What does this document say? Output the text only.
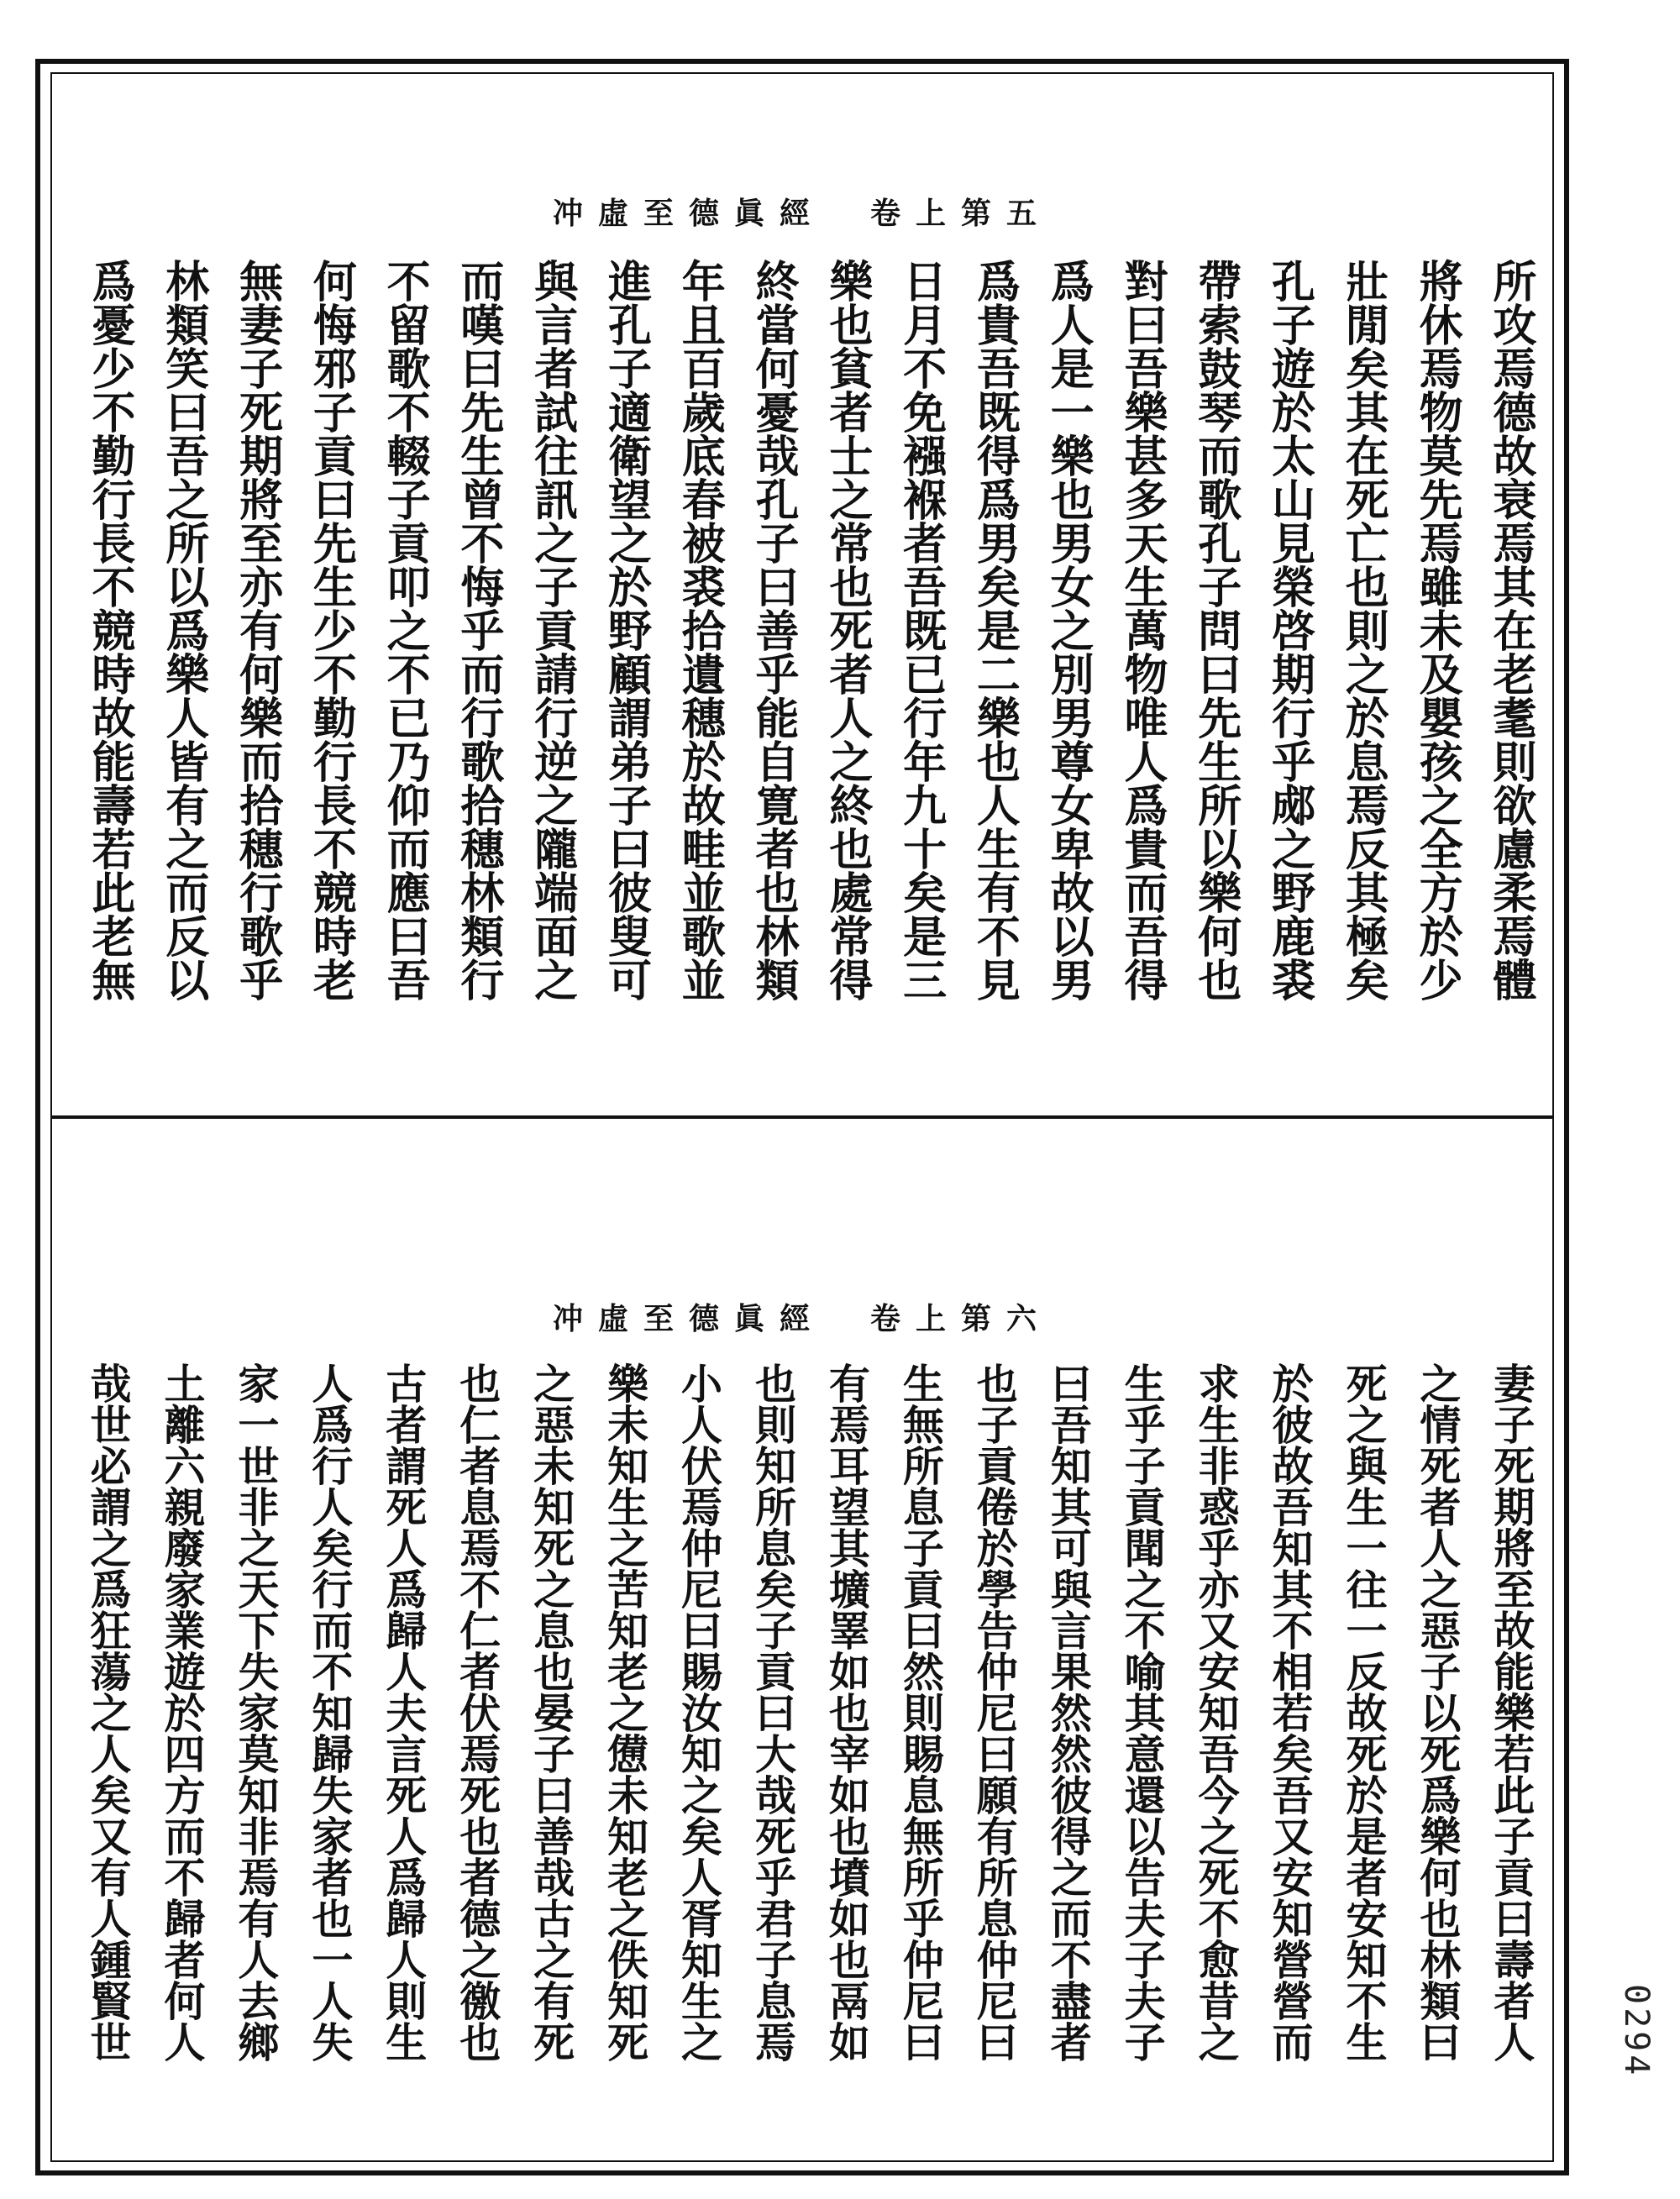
冲虛至德眞經　卷上第五
所攻焉德故衰焉其在老耄則欲慮柔焉體
將休焉物莫先焉雖未及嬰孩之全方於少
壯閒矣其在死亡也則之於息焉反其極矣
孔子遊於太山見榮啓期行乎郕之野鹿裘
帶索鼓琴而歌孔子問曰先生所以樂何也
對曰吾樂甚多天生萬物唯人爲貴而吾得
爲人是一樂也男女之別男尊女卑故以男
爲貴吾既得爲男矣是二樂也人生有不見
日月不免襁褓者吾既已行年九十矣是三
樂也貧者士之常也死者人之終也處常得
終當何憂哉孔子曰善乎能自寛者也林類
年且百歲底春被裘拾遺穗於故畦並歌並
進孔子適衛望之於野顧謂弟子曰彼叟可
與言者試往訊之子貢請行逆之隴端面之
而嘆曰先生曾不悔乎而行歌拾穗林類行
不留歌不輟子貢叩之不已乃仰而應曰吾
何悔邪子貢曰先生少不勤行長不競時老
無妻子死期將至亦有何樂而拾穗行歌乎
林類笑曰吾之所以爲樂人皆有之而反以
爲憂少不勤行長不競時故能壽若此老無
冲虛至德眞經　卷上第六
妻子死期將至故能樂若此子貢曰壽者人
之情死者人之惡子以死爲樂何也林類曰
死之與生一往一反故死於是者安知不生
於彼故吾知其不相若矣吾又安知營營而
求生非惑乎亦又安知吾今之死不愈昔之
生乎子貢聞之不喻其意還以告夫子夫子
曰吾知其可與言果然然彼得之而不盡者
也子貢倦於學告仲尼曰願有所息仲尼曰
生無所息子貢曰然則賜息無所乎仲尼曰
有焉耳望其壙睪如也宰如也墳如也鬲如
也則知所息矣子貢曰大哉死乎君子息焉
小人伏焉仲尼曰賜汝知之矣人胥知生之
樂未知生之苦知老之憊未知老之佚知死
之惡未知死之息也晏子曰善哉古之有死
也仁者息焉不仁者伏焉死也者德之徼也
古者謂死人爲歸人夫言死人爲歸人則生
人爲行人矣行而不知歸失家者也一人失
家一世非之天下失家莫知非焉有人去鄉
土離六親廢家業遊於四方而不歸者何人
哉世必謂之爲狂蕩之人矣又有人鍾賢世	0294
